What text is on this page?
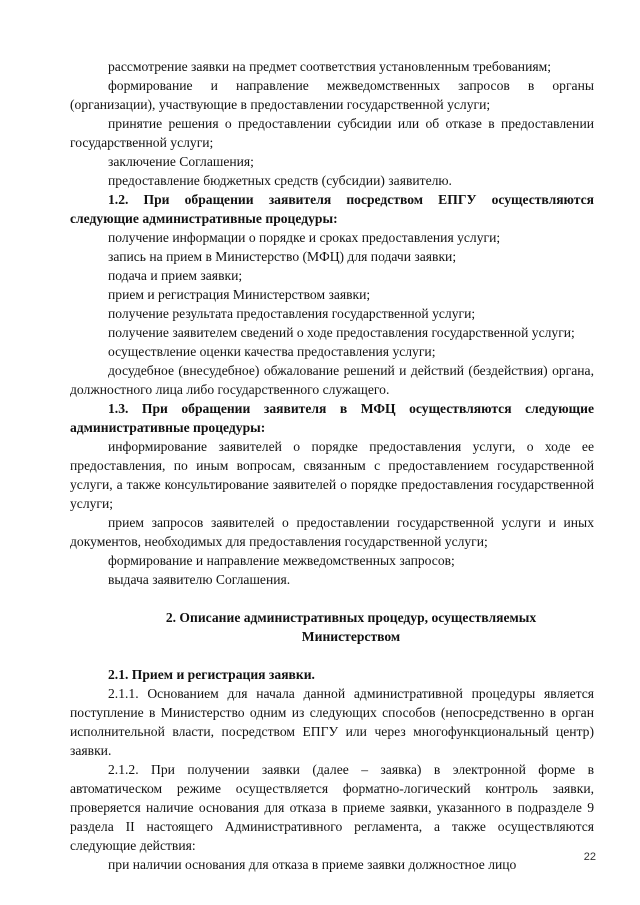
рассмотрение заявки на предмет соответствия установленным требованиям;

формирование и направление межведомственных запросов в органы (организации), участвующие в предоставлении государственной услуги;

принятие решения о предоставлении субсидии или об отказе в предоставлении государственной услуги;

заключение Соглашения;

предоставление бюджетных средств (субсидии) заявителю.

1.2. При обращении заявителя посредством ЕПГУ осуществляются следующие административные процедуры:

получение информации о порядке и сроках предоставления услуги;

запись на прием в Министерство (МФЦ) для подачи заявки;

подача и прием заявки;

прием и регистрация Министерством заявки;

получение результата предоставления государственной услуги;

получение заявителем сведений о ходе предоставления государственной услуги;

осуществление оценки качества предоставления услуги;

досудебное (внесудебное) обжалование решений и действий (бездействия) органа, должностного лица либо государственного служащего.

1.3. При обращении заявителя в МФЦ осуществляются следующие административные процедуры:

информирование заявителей о порядке предоставления услуги, о ходе ее предоставления, по иным вопросам, связанным с предоставлением государственной услуги, а также консультирование заявителей о порядке предоставления государственной услуги;

прием запросов заявителей о предоставлении государственной услуги и иных документов, необходимых для предоставления государственной услуги;

формирование и направление межведомственных запросов;

выдача заявителю Соглашения.

2. Описание административных процедур, осуществляемых

Министерством

2.1. Прием и регистрация заявки.

2.1.1. Основанием для начала данной административной процедуры является поступление в Министерство одним из следующих способов (непосредственно в орган исполнительной власти, посредством ЕПГУ или через многофункциональный центр) заявки.

2.1.2. При получении заявки (далее – заявка) в электронной форме в автоматическом режиме осуществляется форматно-логический контроль заявки, проверяется наличие основания для отказа в приеме заявки, указанного в подразделе 9 раздела II настоящего Административного регламента, а также осуществляются следующие действия:

при наличии основания для отказа в приеме заявки должностное лицо	22
